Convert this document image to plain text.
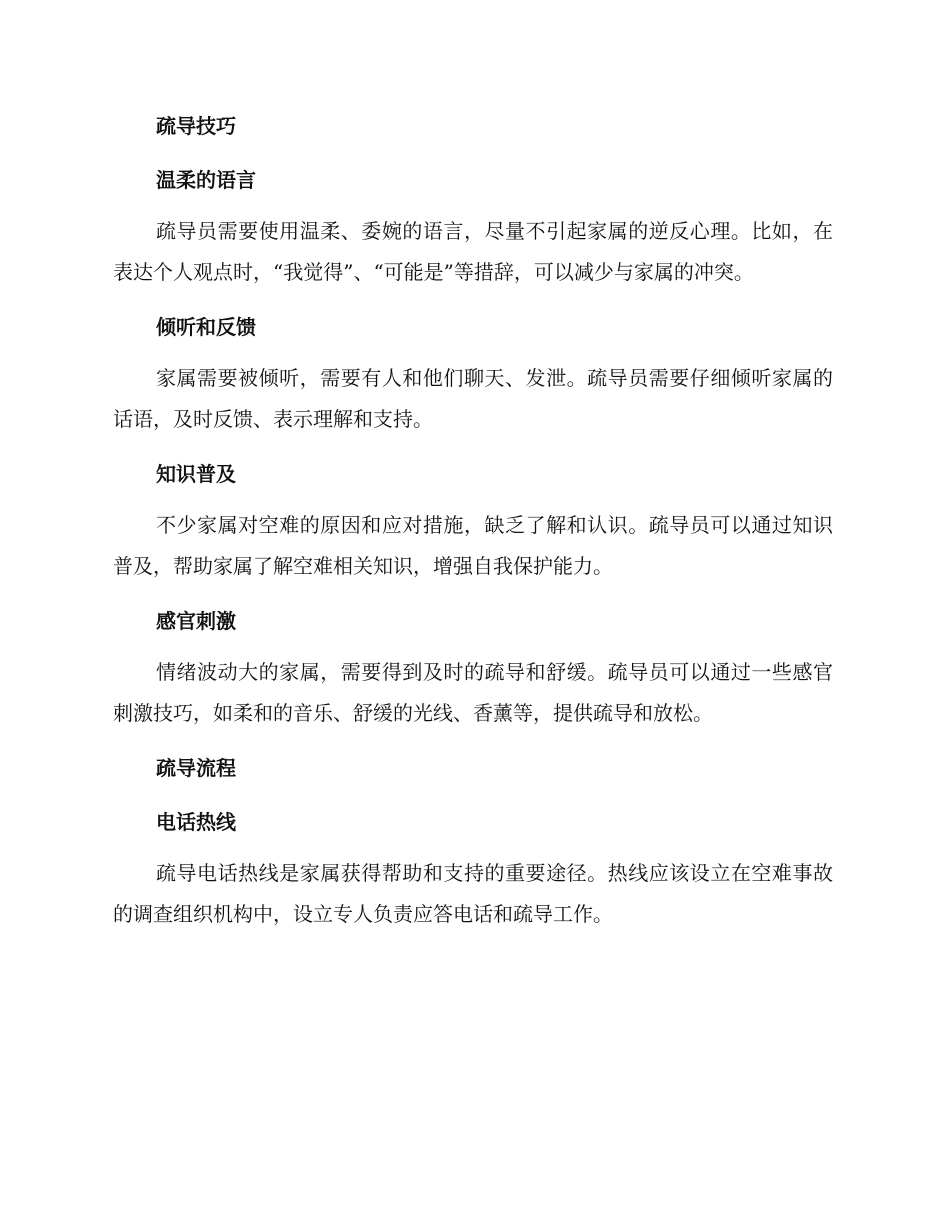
疏导技巧
温柔的语言

疏导员需要使用温柔、委婉的语言，尽量不引起家属的逆反心理。比如，在表达个人观点时，“我觉得”、“可能是”等措辞，可以减少与家属的冲突。

倾听和反馈

家属需要被倾听，需要有人和他们聊天、发泄。疏导员需要仔细倾听家属的话语，及时反馈、表示理解和支持。

知识普及

不少家属对空难的原因和应对措施，缺乏了解和认识。疏导员可以通过知识普及，帮助家属了解空难相关知识，增强自我保护能力。

感官刺激

情绪波动大的家属，需要得到及时的疏导和舒缓。疏导员可以通过一些感官刺激技巧，如柔和的音乐、舒缓的光线、香薰等，提供疏导和放松。

疏导流程
电话热线

疏导电话热线是家属获得帮助和支持的重要途径。热线应该设立在空难事故的调查组织机构中，设立专人负责应答电话和疏导工作。
